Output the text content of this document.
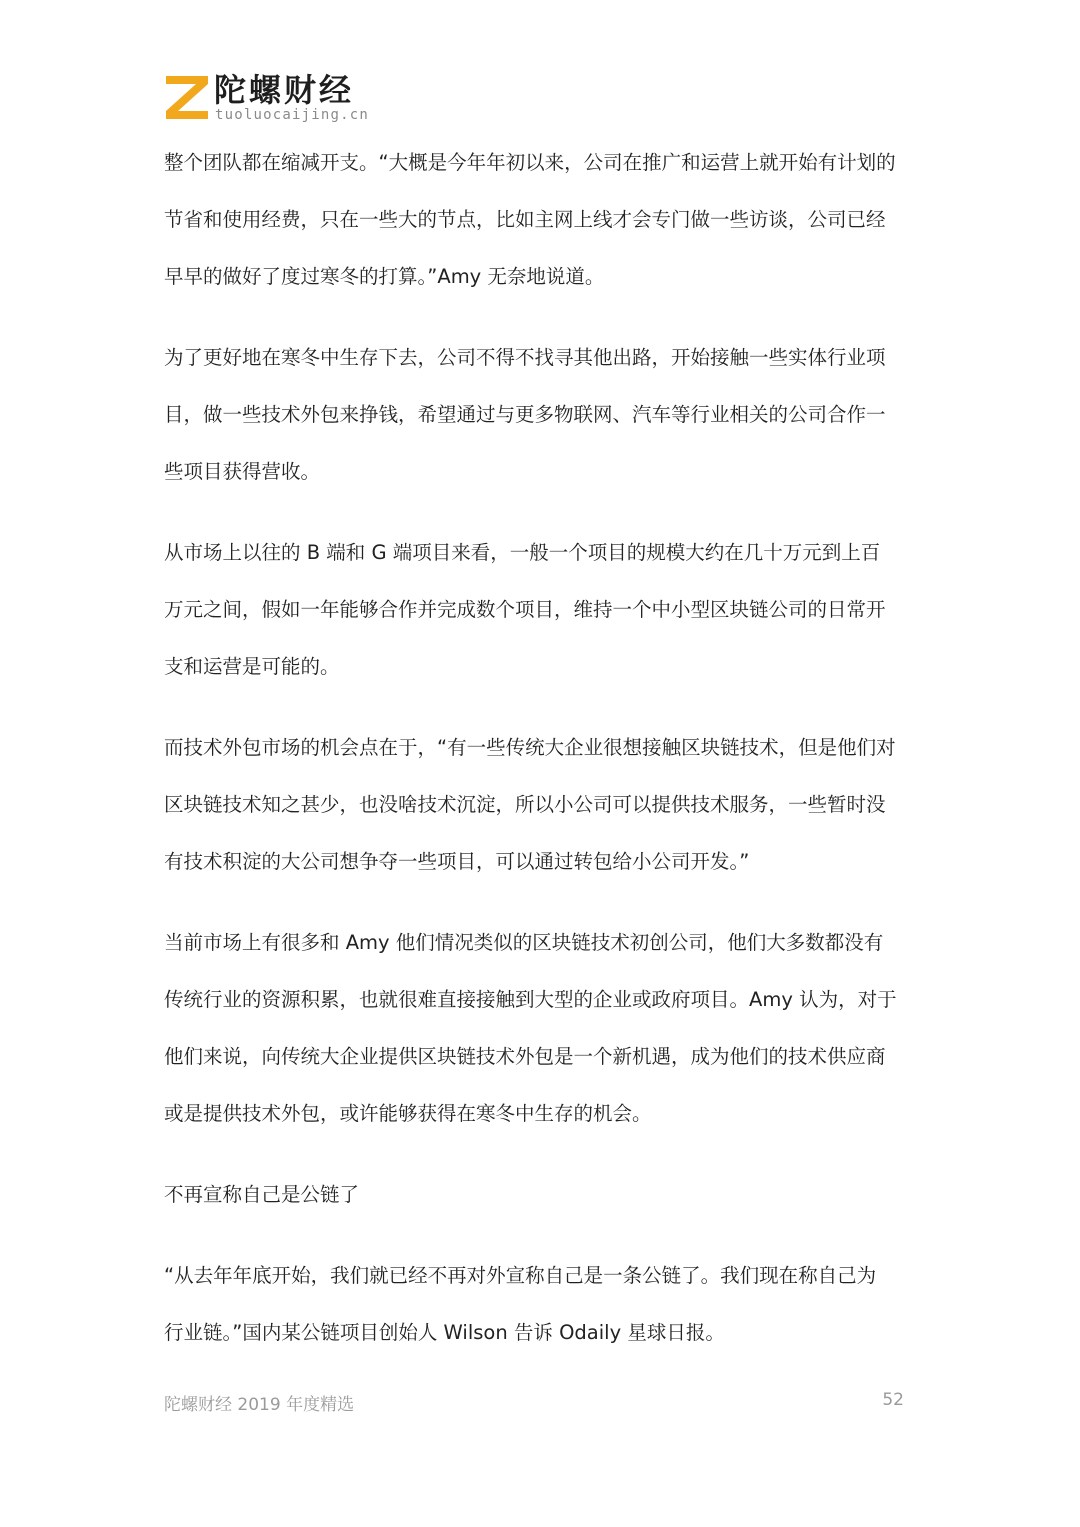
陀螺财经
tuoluocaijing.cn

整个团队都在缩减开支。“大概是今年年初以来，公司在推广和运营上就开始有计划的
节省和使用经费，只在一些大的节点，比如主网上线才会专门做一些访谈，公司已经
早早的做好了度过寒冬的打算。”Amy 无奈地说道。

为了更好地在寒冬中生存下去，公司不得不找寻其他出路，开始接触一些实体行业项
目，做一些技术外包来挣钱，希望通过与更多物联网、汽车等行业相关的公司合作一
些项目获得营收。

从市场上以往的 B 端和 G 端项目来看，一般一个项目的规模大约在几十万元到上百
万元之间，假如一年能够合作并完成数个项目，维持一个中小型区块链公司的日常开
支和运营是可能的。

而技术外包市场的机会点在于，“有一些传统大企业很想接触区块链技术，但是他们对
区块链技术知之甚少，也没啥技术沉淀，所以小公司可以提供技术服务，一些暂时没
有技术积淀的大公司想争夺一些项目，可以通过转包给小公司开发。”

当前市场上有很多和 Amy 他们情况类似的区块链技术初创公司，他们大多数都没有
传统行业的资源积累，也就很难直接接触到大型的企业或政府项目。Amy 认为，对于
他们来说，向传统大企业提供区块链技术外包是一个新机遇，成为他们的技术供应商
或是提供技术外包，或许能够获得在寒冬中生存的机会。

不再宣称自己是公链了

“从去年年底开始，我们就已经不再对外宣称自己是一条公链了。我们现在称自己为
行业链。”国内某公链项目创始人 Wilson 告诉 Odaily 星球日报。

陀螺财经 2019 年度精选	52
